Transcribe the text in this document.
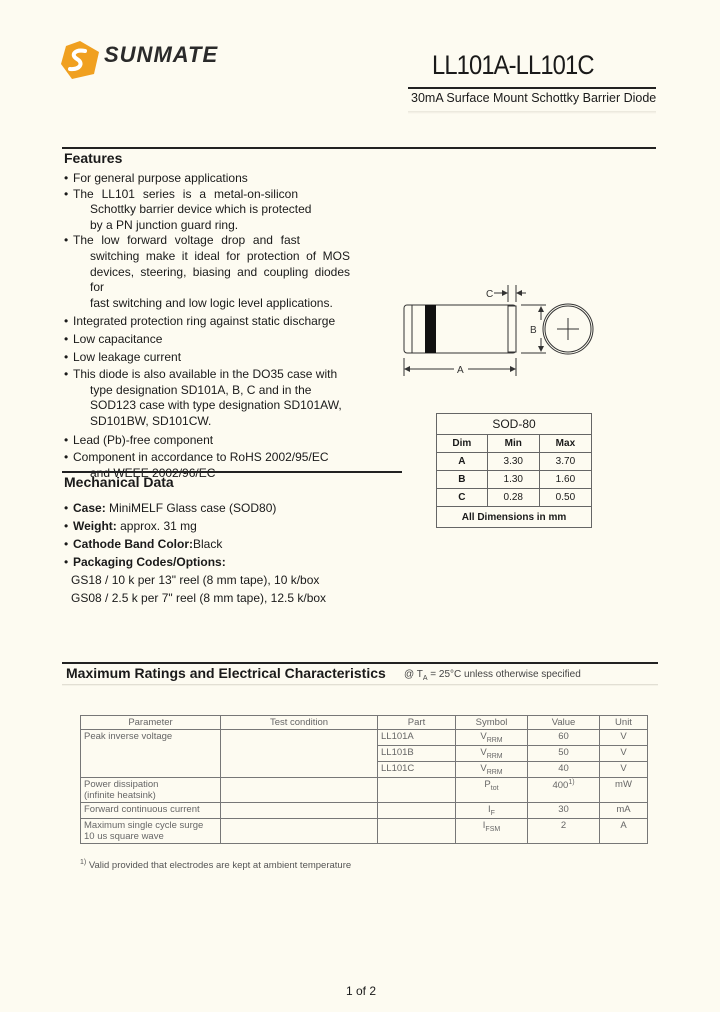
SUNMATE	LL101A-LL101C
30mA Surface Mount Schottky Barrier Diode
Features
• For general purpose applications
• The LL101 series is a metal-on-silicon
Schottky barrier device which is protected
by a PN junction guard ring.
• The low forward voltage drop and fast
switching make it ideal for protection of MOS
devices, steering, biasing and coupling diodes for
fast switching and low logic level applications.
• Integrated protection ring against static discharge
• Low capacitance
• Low leakage current
• This diode is also available in the DO35 case with
type designation SD101A, B, C and in the
SOD123 case with type designation SD101AW,
SD101BW, SD101CW.
• Lead (Pb)-free component
• Component in accordance to RoHS 2002/95/EC
and WEEE 2002/96/EC
Mechanical Data
• Case: MiniMELF Glass case (SOD80)
• Weight: approx. 31 mg
• Cathode Band Color:Black
• Packaging Codes/Options:
GS18 / 10 k per 13" reel (8 mm tape), 10 k/box
GS08 / 2.5 k per 7" reel (8 mm tape), 12.5 k/box
C
B
A
SOD-80		
Dim	Min	Max
A	3.30	3.70
B	1.30	1.60
C	0.28	0.50
All Dimensions in mm		
Maximum Ratings and Electrical Characteristics @ $T_A = 25^\circ C$ unless otherwise specified
Parameter	Test condition	Part	Symbol	Value	Unit
Peak inverse voltage		LL101A	$V_{RRM}$	60	V
		LL101B	$V_{RRM}$	50	V
		LL101C	$V_{RRM}$	40	V
Power dissipation
(infinite heatsink)			$P_{tot}$	400$^{1)}$	mW
Forward continuous current			$I_F$	30	mA
Maximum single cycle surge
10 us square wave			$I_{FSM}$	2	A
$^{1)}$ Valid provided that electrodes are kept at ambient temperature
1 of 2
